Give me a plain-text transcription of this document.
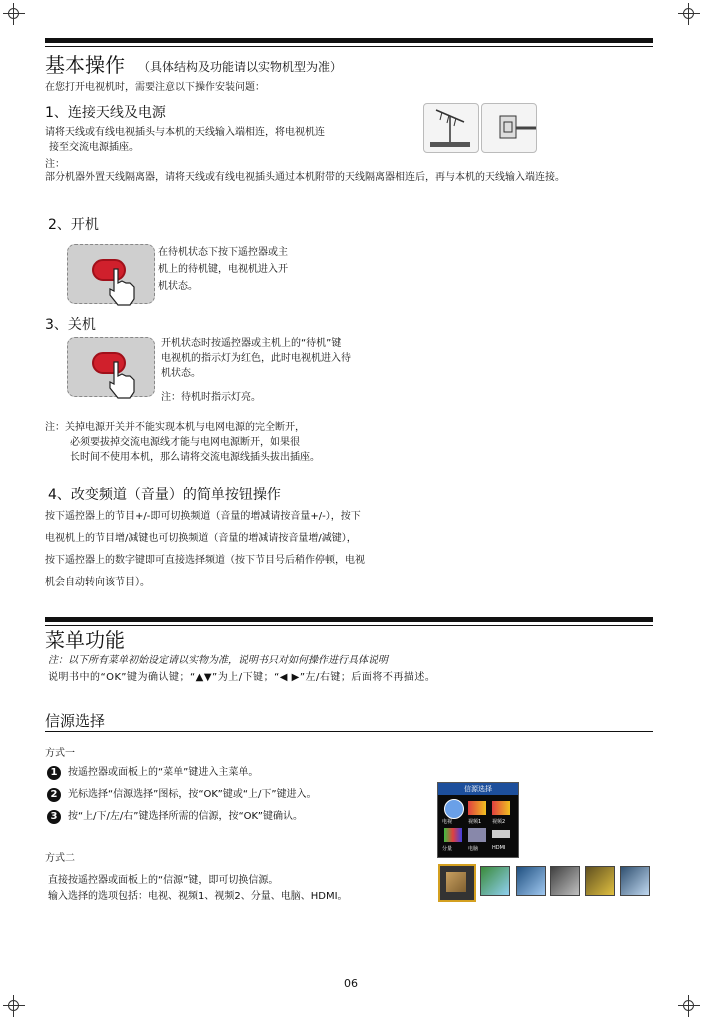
基本操作 （具体结构及功能请以实物机型为准）
在您打开电视机时，需要注意以下操作安装问题：
1、连接天线及电源
请将天线或有线电视插头与本机的天线输入端相连，将电视机连
接至交流电源插座。
注：
部分机器外置天线隔离器，请将天线或有线电视插头通过本机附带的天线隔离器相连后，再与本机的天线输入端连接。
2、开机
在待机状态下按下遥控器或主
机上的待机键，电视机进入开
机状态。
3、关机
开机状态时按遥控器或主机上的“待机”键
电视机的指示灯为红色，此时电视机进入待
机状态。
注：待机时指示灯亮。
注：关掉电源开关并不能实现本机与电网电源的完全断开，
必须要拔掉交流电源线才能与电网电源断开，如果很
长时间不使用本机，那么请将交流电源线插头拔出插座。
4、改变频道（音量）的简单按钮操作
按下遥控器上的节目+/-即可切换频道（音量的增减请按音量+/-），按下
电视机上的节目增/减键也可切换频道（音量的增减请按音量增/减键），
按下遥控器上的数字键即可直接选择频道（按下节目号后稍作停顿，电视
机会自动转向该节目）。
菜单功能
注：以下所有菜单初始设定请以实物为准，说明书只对如何操作进行具体说明
说明书中的“OK”键为确认键；“▲▼”为上/下键；“◀ ▶”左/右键；后面将不再描述。
信源选择
方式一
1	按遥控器或面板上的“菜单”键进入主菜单。
2	光标选择“信源选择”图标，按“OK”键或“上/下”键进入。
3	按“上/下/左/右”键选择所需的信源，按“OK”键确认。
方式二
直接按遥控器或面板上的“信源”键，即可切换信源。
输入选择的选项包括：电视、视频1、视频2、分量、电脑、HDMI。
信源选择
电视	视频1 视频2
分量	电脑	HDMI
06
